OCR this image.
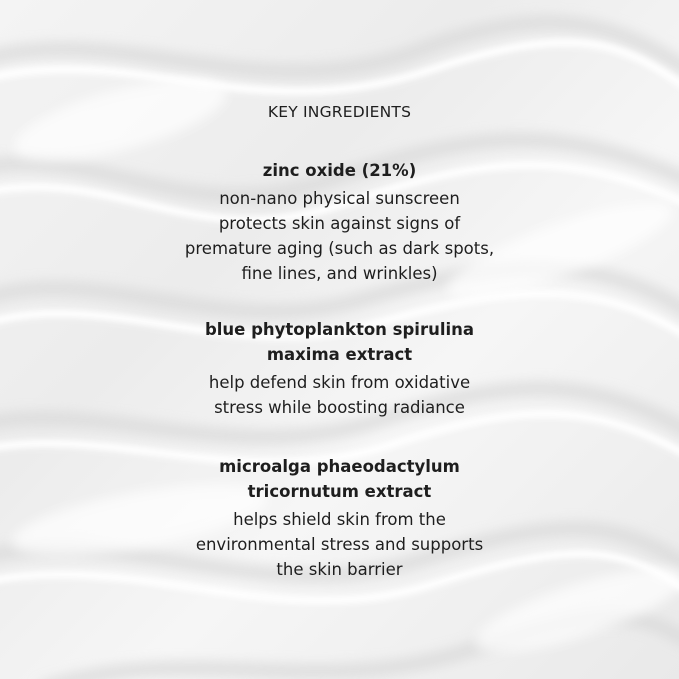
KEY INGREDIENTS
zinc oxide (21%)
non-nano physical sunscreen
protects skin against signs of
premature aging (such as dark spots,
fine lines, and wrinkles)
blue phytoplankton spirulina
maxima extract
help defend skin from oxidative
stress while boosting radiance
microalga phaeodactylum
tricornutum extract
helps shield skin from the
environmental stress and supports
the skin barrier
